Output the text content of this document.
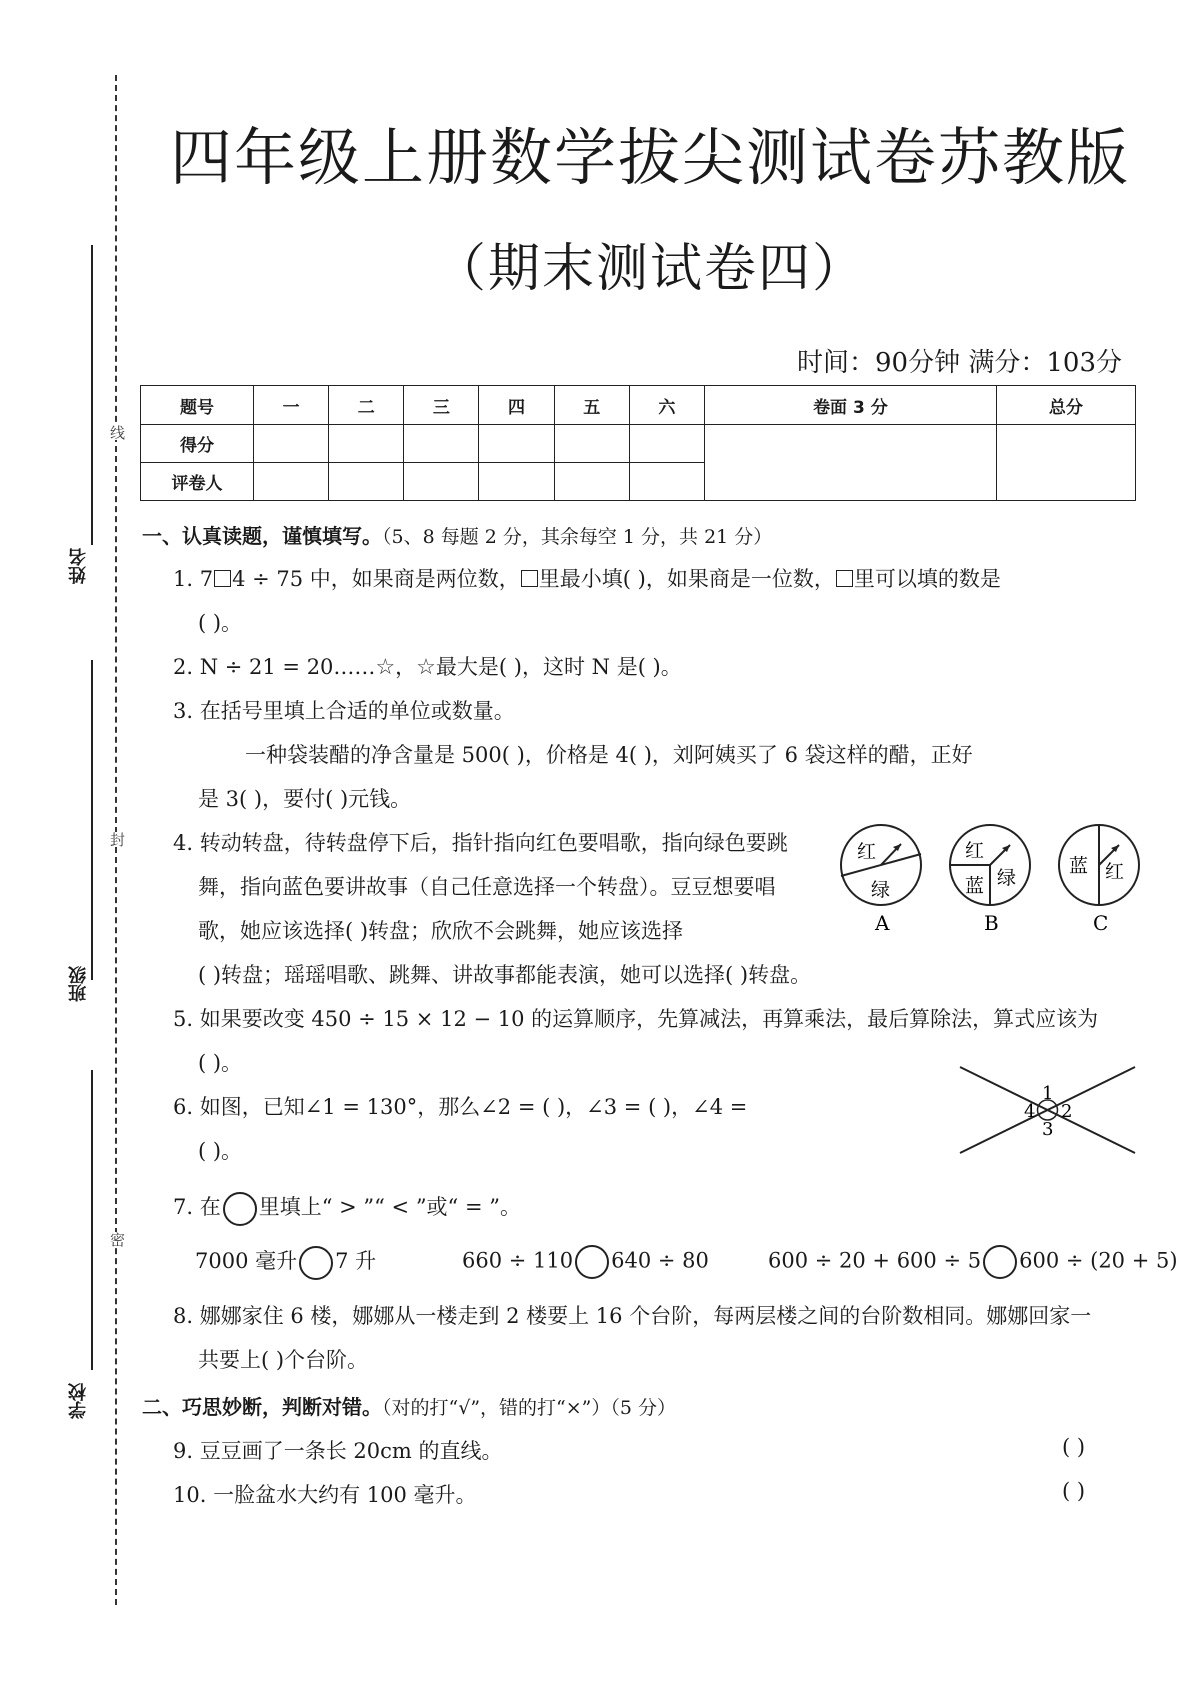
姓名
班级
学校
线
封
密
四年级上册数学拔尖测试卷苏教版
（期末测试卷四）
时间：90分钟 满分：103分
题号	一	二	三	四	五	六	卷面 3 分	总分
得分								
评卷人								
一、认真读题，谨慎填写。（5、8 每题 2 分，其余每空 1 分，共 21 分）
1. 7 4 ÷ 75 中，如果商是两位数， 里最小填( )，如果商是一位数， 里可以填的数是
( )。
2. N ÷ 21 = 20……☆，☆最大是( )，这时 N 是( )。
3. 在括号里填上合适的单位或数量。
一种袋装醋的净含量是 500( )，价格是 4( )，刘阿姨买了 6 袋这样的醋，正好
是 3( )，要付( )元钱。
4. 转动转盘，待转盘停下后，指针指向红色要唱歌，指向绿色要跳
舞，指向蓝色要讲故事（自己任意选择一个转盘）。豆豆想要唱
歌，她应该选择( )转盘；欣欣不会跳舞，她应该选择
( )转盘；瑶瑶唱歌、跳舞、讲故事都能表演，她可以选择( )转盘。
红
绿
A
红
蓝 绿
B
蓝 红
C
5. 如果要改变 450 ÷ 15 × 12 − 10 的运算顺序，先算减法，再算乘法，最后算除法，算式应该为
( )。
6. 如图，已知∠1 = 130°，那么∠2 = ( )，∠3 = ( )，∠4 =
( )。
1
2
3
4
7. 在 里填上“ > ”“ < ”或“ = ”。
7000 毫升 7 升	660 ÷ 110 640 ÷ 80	600 ÷ 20 + 600 ÷ 5 600 ÷ (20 + 5)
8. 娜娜家住 6 楼，娜娜从一楼走到 2 楼要上 16 个台阶，每两层楼之间的台阶数相同。娜娜回家一
共要上( )个台阶。
二、巧思妙断，判断对错。（对的打“√”，错的打“×”）（5 分）
9. 豆豆画了一条长 20cm 的直线。	( )
10. 一脸盆水大约有 100 毫升。	( )
